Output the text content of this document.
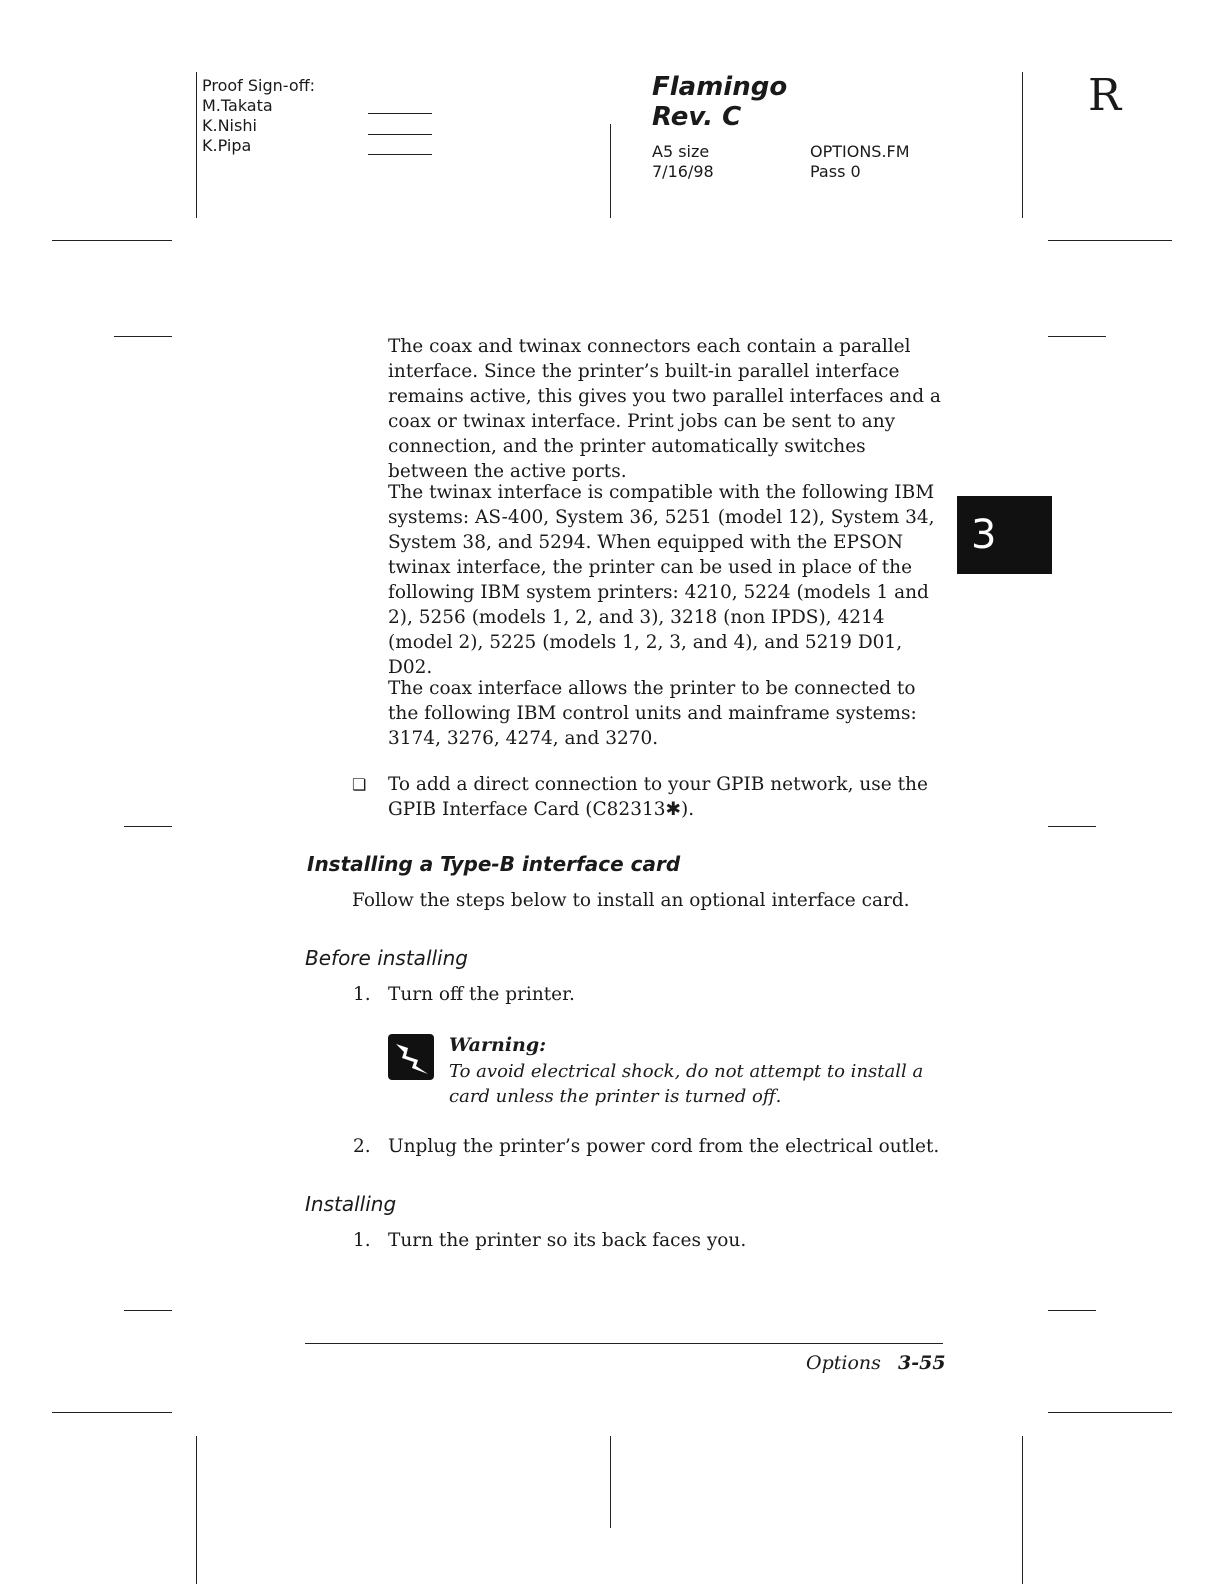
Proof Sign-off:
M.Takata
K.Nishi
K.Pipa
Flamingo
Rev. C
A5 size
7/16/98
OPTIONS.FM
Pass 0
R
3

The coax and twinax connectors each contain a parallel interface. Since the printer’s built-in parallel interface remains active, this gives you two parallel interfaces and a coax or twinax interface. Print jobs can be sent to any connection, and the printer automatically switches between the active ports.

The twinax interface is compatible with the following IBM systems: AS-400, System 36, 5251 (model 12), System 34, System 38, and 5294. When equipped with the EPSON twinax interface, the printer can be used in place of the following IBM system printers: 4210, 5224 (models 1 and 2), 5256 (models 1, 2, and 3), 3218 (non IPDS), 4214 (model 2), 5225 (models 1, 2, 3, and 4), and 5219 D01, D02.

The coax interface allows the printer to be connected to the following IBM control units and mainframe systems: 3174, 3276, 4274, and 3270.

❏ To add a direct connection to your GPIB network, use the GPIB Interface Card (C82313✱).

Installing a Type-B interface card
Follow the steps below to install an optional interface card.
Before installing
1. Turn off the printer.
Warning:
To avoid electrical shock, do not attempt to install a card unless the printer is turned off.
2. Unplug the printer’s power cord from the electrical outlet.
Installing
1. Turn the printer so its back faces you.
Options 3-55
